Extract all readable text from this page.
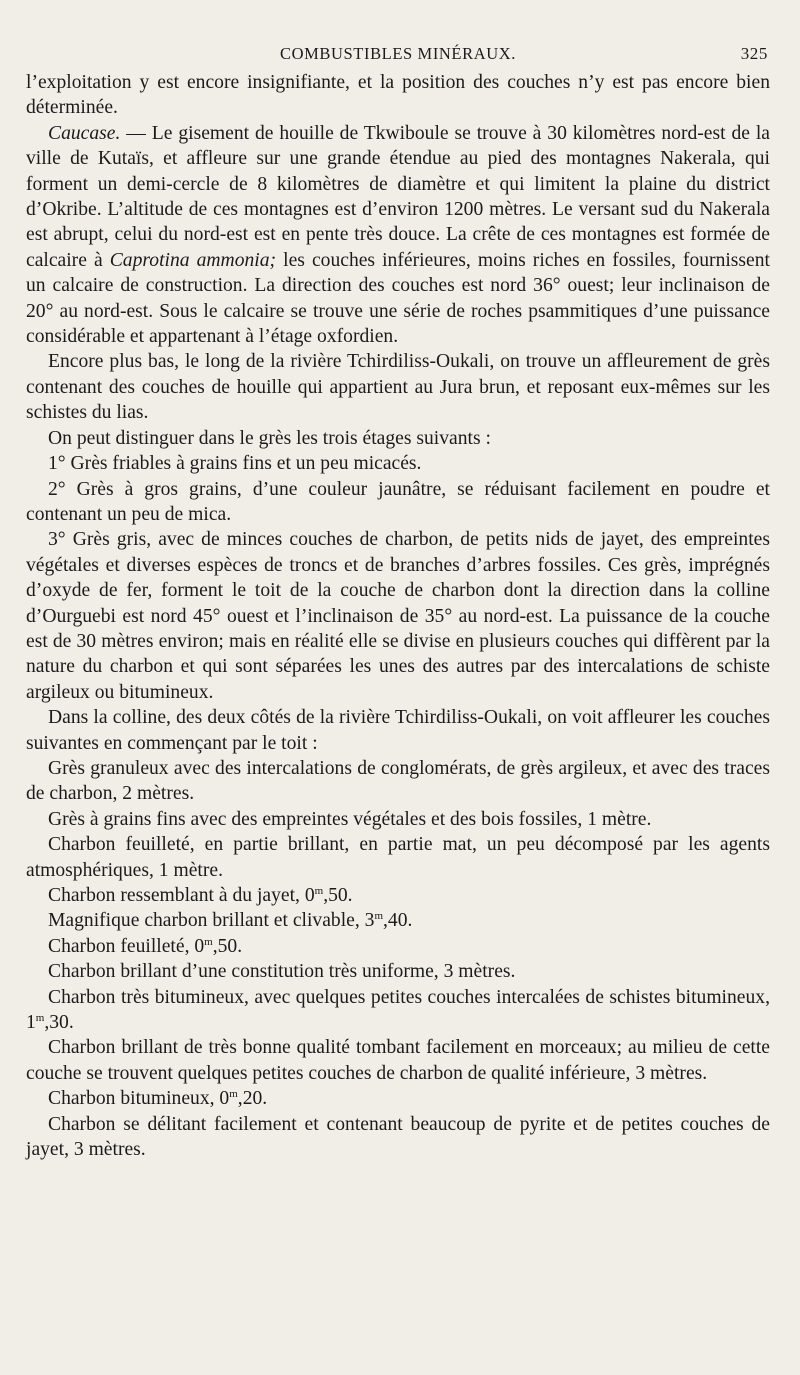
COMBUSTIBLES MINÉRAUX.	325

l’exploitation y est encore insignifiante, et la position des couches n’y est pas encore bien déterminée.

Caucase. — Le gisement de houille de Tkwiboule se trouve à 30 kilomètres nord-est de la ville de Kutaïs, et affleure sur une grande étendue au pied des montagnes Nakerala, qui forment un demi-cercle de 8 kilomètres de diamètre et qui limitent la plaine du district d’Okribe. L’altitude de ces montagnes est d’environ 1200 mètres. Le versant sud du Nakerala est abrupt, celui du nord-est est en pente très douce. La crête de ces montagnes est formée de calcaire à Caprotina ammonia; les couches inférieures, moins riches en fossiles, fournissent un calcaire de construction. La direction des couches est nord 36° ouest; leur inclinaison de 20° au nord-est. Sous le calcaire se trouve une série de roches psammitiques d’une puissance considérable et appartenant à l’étage oxfordien.

Encore plus bas, le long de la rivière Tchirdiliss-Oukali, on trouve un affleurement de grès contenant des couches de houille qui appartient au Jura brun, et reposant eux-mêmes sur les schistes du lias.

On peut distinguer dans le grès les trois étages suivants :

1° Grès friables à grains fins et un peu micacés.

2° Grès à gros grains, d’une couleur jaunâtre, se réduisant facilement en poudre et contenant un peu de mica.

3° Grès gris, avec de minces couches de charbon, de petits nids de jayet, des empreintes végétales et diverses espèces de troncs et de branches d’arbres fossiles. Ces grès, imprégnés d’oxyde de fer, forment le toit de la couche de charbon dont la direction dans la colline d’Ourguebi est nord 45° ouest et l’inclinaison de 35° au nord-est. La puissance de la couche est de 30 mètres environ; mais en réalité elle se divise en plusieurs couches qui diffèrent par la nature du charbon et qui sont séparées les unes des autres par des intercalations de schiste argileux ou bitumineux.

Dans la colline, des deux côtés de la rivière Tchirdiliss-Oukali, on voit affleurer les couches suivantes en commençant par le toit :

Grès granuleux avec des intercalations de conglomérats, de grès argileux, et avec des traces de charbon, 2 mètres.

Grès à grains fins avec des empreintes végétales et des bois fossiles, 1 mètre.

Charbon feuilleté, en partie brillant, en partie mat, un peu décomposé par les agents atmosphériques, 1 mètre.

Charbon ressemblant à du jayet, 0$^m$,50.

Magnifique charbon brillant et clivable, 3$^m$,40.

Charbon feuilleté, 0$^m$,50.

Charbon brillant d’une constitution très uniforme, 3 mètres.

Charbon très bitumineux, avec quelques petites couches intercalées de schistes bitumineux, 1$^m$,30.

Charbon brillant de très bonne qualité tombant facilement en morceaux; au milieu de cette couche se trouvent quelques petites couches de charbon de qualité inférieure, 3 mètres.

Charbon bitumineux, 0$^m$,20.

Charbon se délitant facilement et contenant beaucoup de pyrite et de petites couches de jayet, 3 mètres.
